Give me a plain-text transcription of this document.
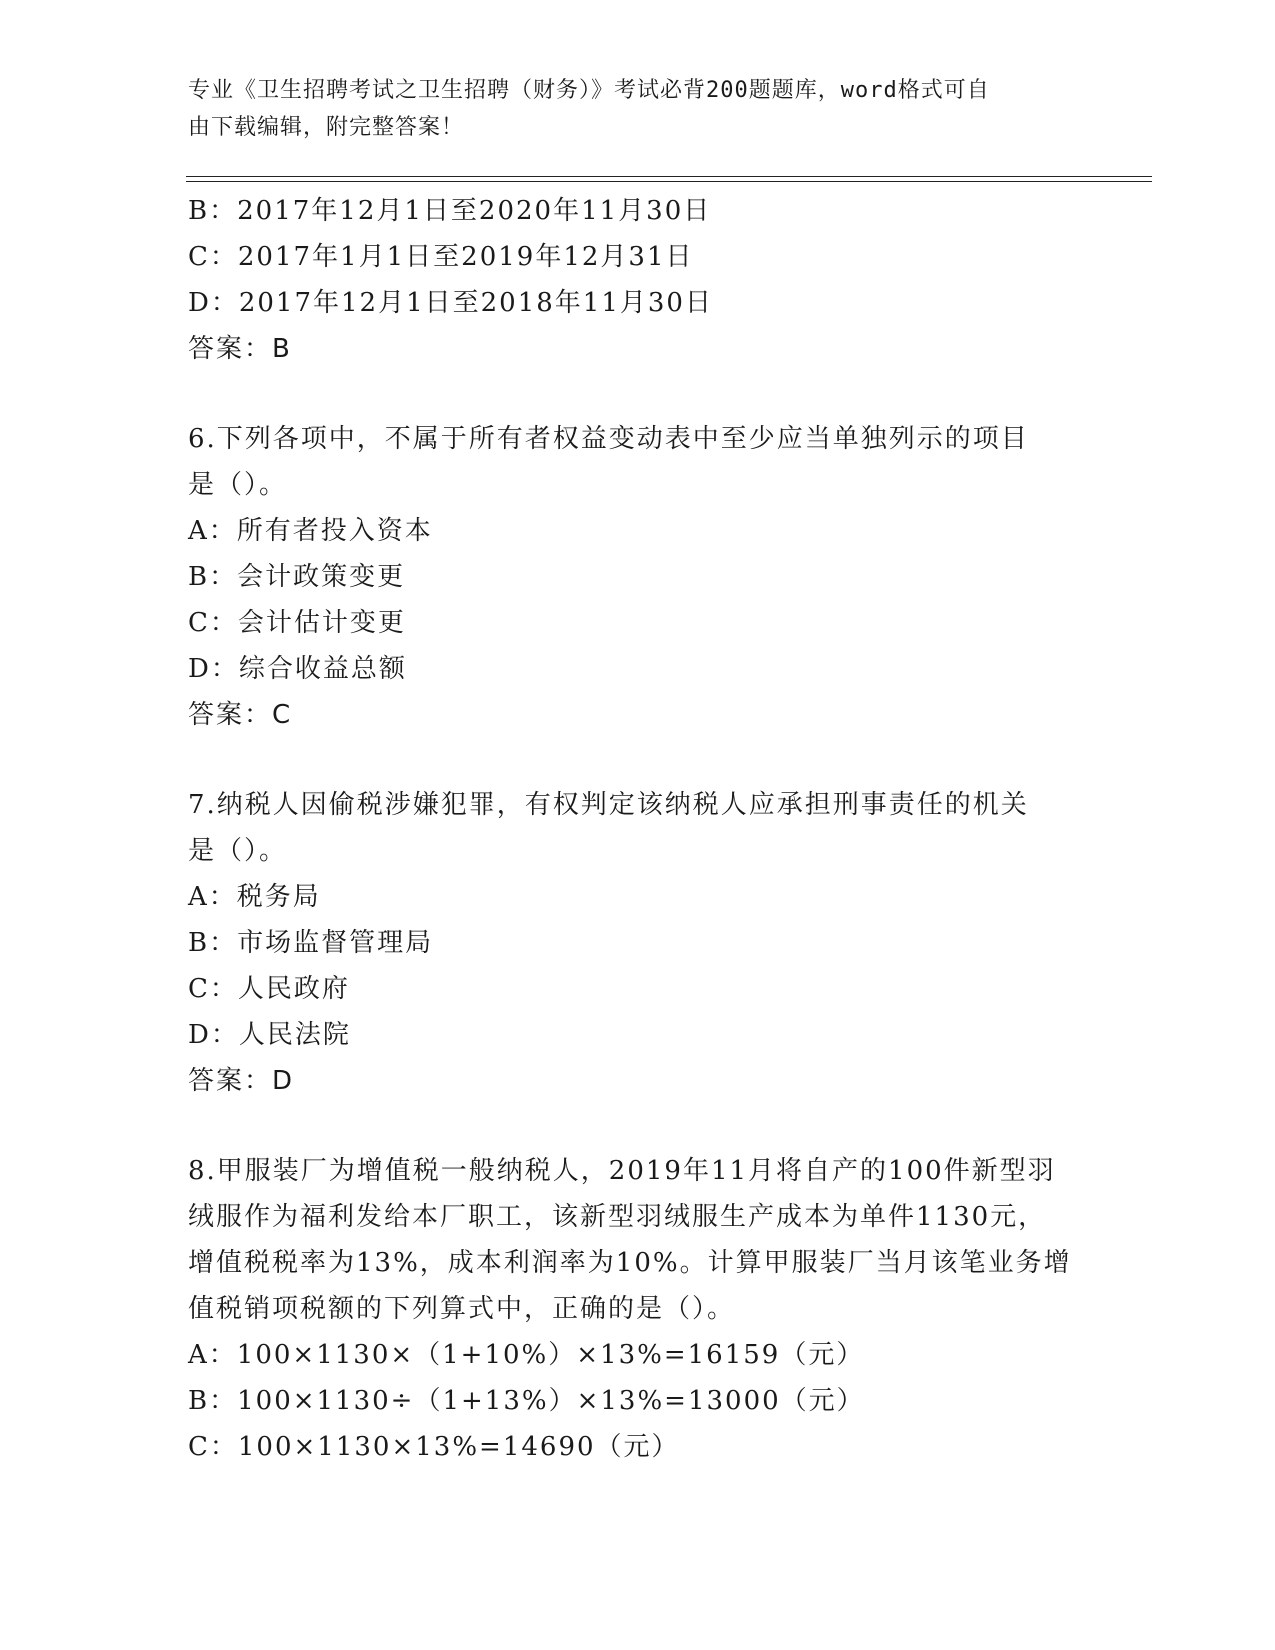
专业《卫生招聘考试之卫生招聘（财务）》考试必背200题题库，word格式可自
由下载编辑，附完整答案！
B：2017年12月1日至2020年11月30日
C：2017年1月1日至2019年12月31日
D：2017年12月1日至2018年11月30日
答案：B
6.下列各项中，不属于所有者权益变动表中至少应当单独列示的项目
是（）。
A：所有者投入资本
B：会计政策变更
C：会计估计变更
D：综合收益总额
答案：C
7.纳税人因偷税涉嫌犯罪，有权判定该纳税人应承担刑事责任的机关
是（）。
A：税务局
B：市场监督管理局
C：人民政府
D：人民法院
答案：D
8.甲服装厂为增值税一般纳税人，2019年11月将自产的100件新型羽
绒服作为福利发给本厂职工，该新型羽绒服生产成本为单件1130元，
增值税税率为13%，成本利润率为10%。计算甲服装厂当月该笔业务增
值税销项税额的下列算式中，正确的是（）。
A：100×1130×（1+10%）×13%=16159（元）
B：100×1130÷（1+13%）×13%=13000（元）
C：100×1130×13%=14690（元）
